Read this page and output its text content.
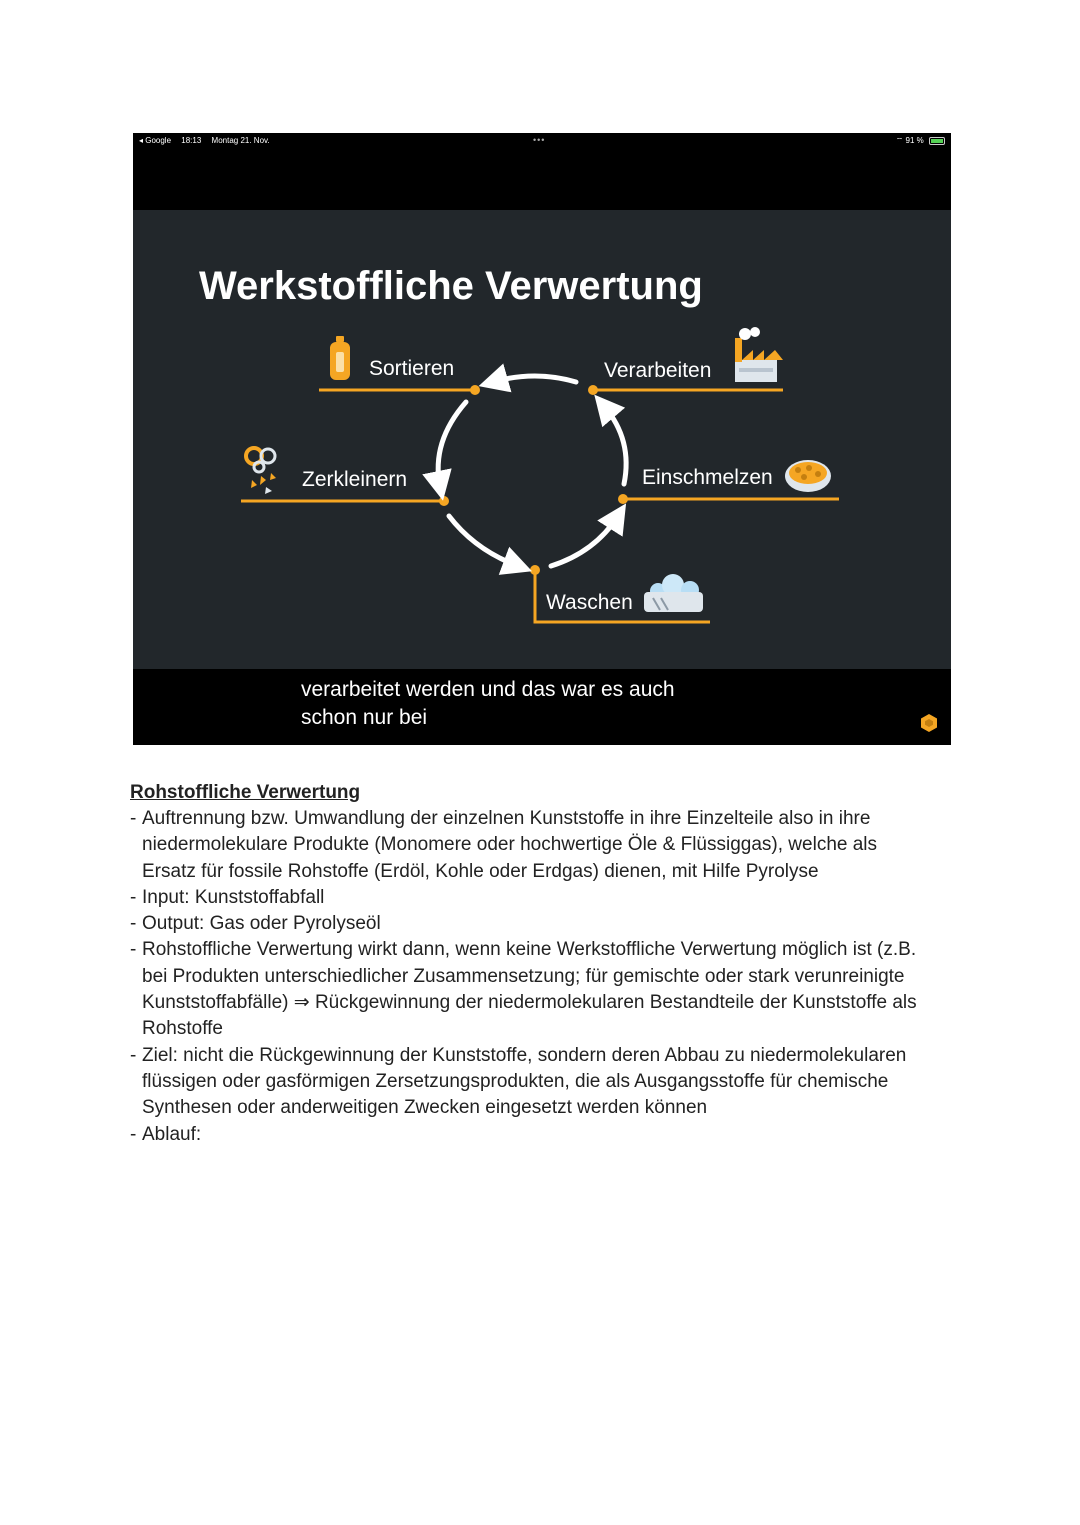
◂ Google 18:13 Montag 21. Nov.	•••	⌔ 91 %
Werkstoffliche Verwertung
Sortieren	Verarbeiten
Zerkleinern	Einschmelzen
Waschen
verarbeitet werden und das war es auch
schon nur bei
Rohstoffliche Verwertung
- Auftrennung bzw. Umwandlung der einzelnen Kunststoffe in ihre Einzelteile also in ihre niedermolekulare Produkte (Monomere oder hochwertige Öle & Flüssiggas), welche als Ersatz für fossile Rohstoffe (Erdöl, Kohle oder Erdgas) dienen, mit Hilfe Pyrolyse
- Input: Kunststoffabfall
- Output: Gas oder Pyrolyseöl
- Rohstoffliche Verwertung wirkt dann, wenn keine Werkstoffliche Verwertung möglich ist (z.B. bei Produkten unterschiedlicher Zusammensetzung; für gemischte oder stark verunreinigte Kunststoffabfälle) ⇒ Rückgewinnung der niedermolekularen Bestandteile der Kunststoffe als Rohstoffe
- Ziel: nicht die Rückgewinnung der Kunststoffe, sondern deren Abbau zu niedermolekularen flüssigen oder gasförmigen Zersetzungsprodukten, die als Ausgangsstoffe für chemische Synthesen oder anderweitigen Zwecken eingesetzt werden können
- Ablauf:
